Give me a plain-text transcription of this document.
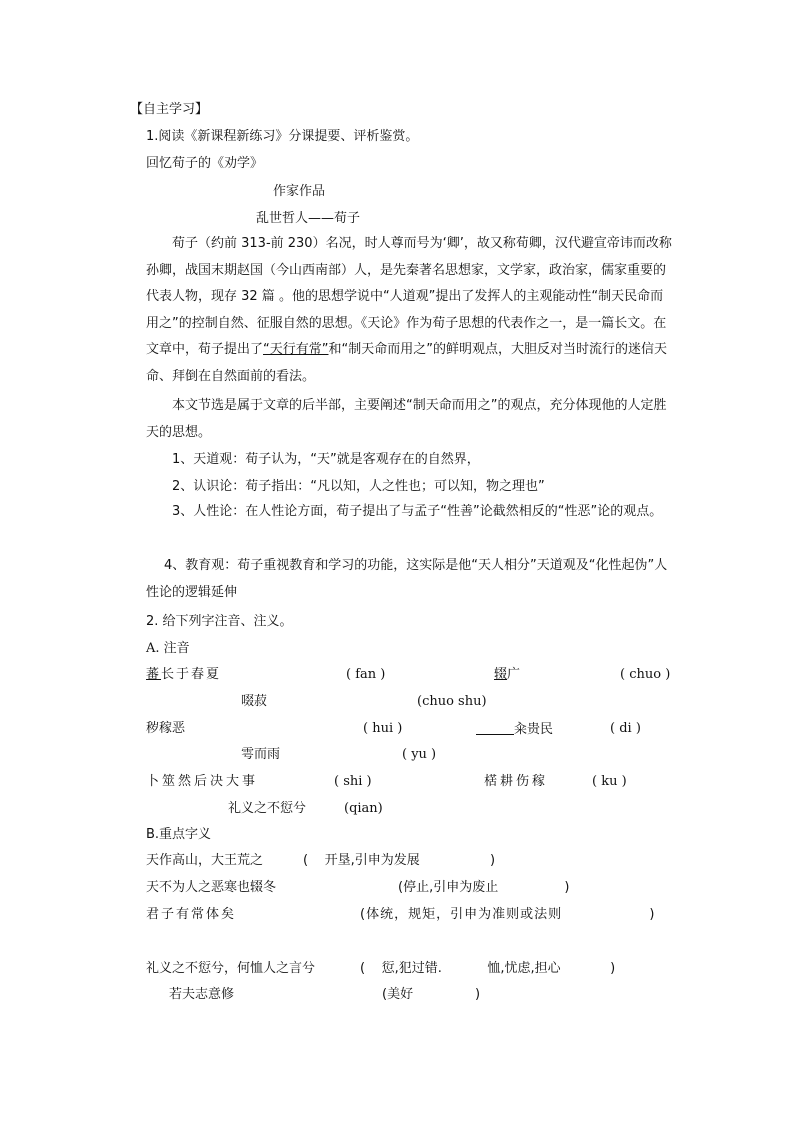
【自主学习】
1.阅读《新课程新练习》分课提要、评析鉴赏。
回忆荀子的《劝学》
作家作品
乱世哲人——荀子
荀子（约前 313-前 230）名况，时人尊而号为‘卿’，故又称荀卿，汉代避宣帝讳而改称孙卿，战国末期赵国（今山西南部）人，是先秦著名思想家，文学家，政治家，儒家重要的代表人物，现存 32 篇 。他的思想学说中“人道观”提出了发挥人的主观能动性“制天民命而用之”的控制自然、征服自然的思想。《天论》作为荀子思想的代表作之一，是一篇长文。在文章中，荀子提出了“天行有常”和“制天命而用之”的鲜明观点，大胆反对当时流行的迷信天命、拜倒在自然面前的看法。
本文节选是属于文章的后半部，主要阐述“制天命而用之”的观点，充分体现他的人定胜天的思想。
1、天道观：荀子认为，“天”就是客观存在的自然界，
2、认识论：荀子指出：“凡以知，人之性也；可以知，物之理也”
3、人性论：在人性论方面，荀子提出了与孟子“性善”论截然相反的“性恶”论的观点。
4、教育观：荀子重视教育和学习的功能，这实际是他“天人相分”天道观及“化性起伪”人性论的逻辑延伸
2. 给下列字注音、注义。
A. 注音
蕃长于春夏	( fan )	辍广	( chuo )
啜菽	(chuo shu)
秽稼恶	( hui )	籴贵民	( di )
雩而雨	( yu )
卜筮然后决大事	( shi )	楛耕伤稼	( ku )
礼义之不愆兮	(qian)
B.重点字义
天作高山，大王荒之	(    开垦,引申为发展                 )
天不为人之恶寒也辍冬	(停止,引申为废止                )
君子有常体矣	(体统，规矩，引申为准则或法则                 )
礼义之不愆兮，何恤人之言兮	(    愆,犯过错.           恤,忧虑,担心            )
若夫志意修	(美好               )
